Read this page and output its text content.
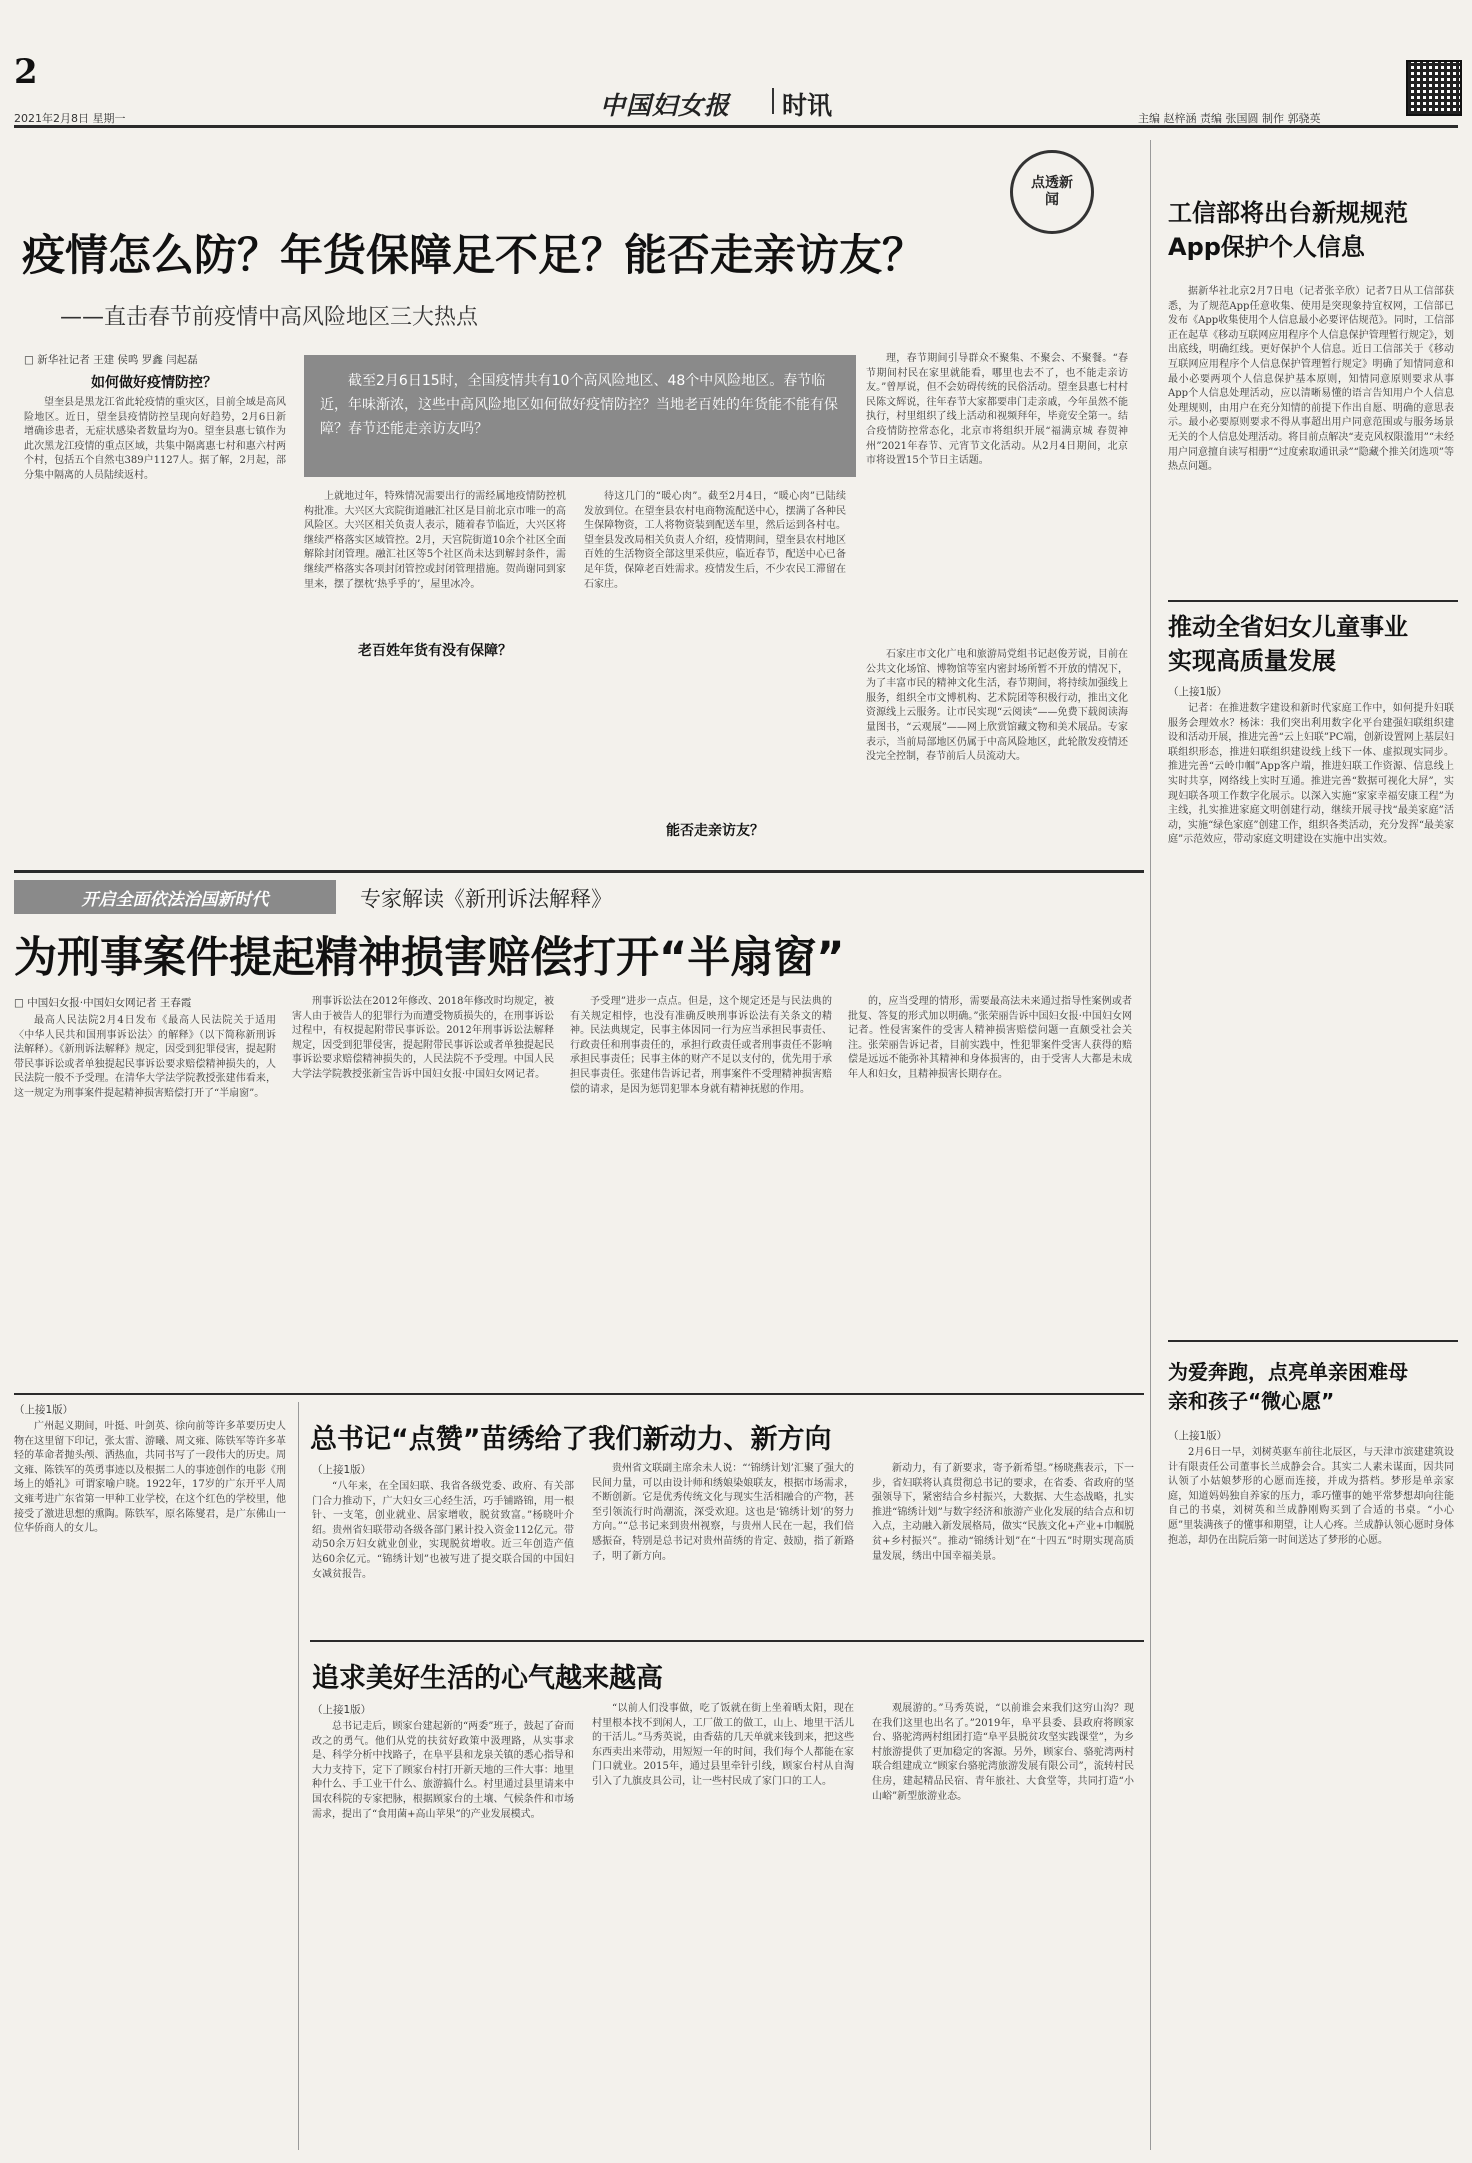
2
2021年2月8日 星期一	中国妇女报 时讯	主编 赵梓涵 责编 张国圆 制作 郭骁英
点透新闻
疫情怎么防？年货保障足不足？能否走亲访友？
——直击春节前疫情中高风险地区三大热点
□ 新华社记者 王建 侯鸣 罗鑫 闫起磊
如何做好疫情防控？

望奎县是黑龙江省此轮疫情的重灾区，目前全域是高风险地区。近日，望奎县疫情防控呈现向好趋势，2月6日新增确诊患者，无症状感染者数量均为0。望奎县惠七镇作为此次黑龙江疫情的重点区域，共集中隔离惠七村和惠六村两个村，包括五个自然屯389户1127人。据了解，2月起，部分集中隔离的人员陆续返村。

截至2月6日15时，全国疫情共有10个高风险地区、48个中风险地区。春节临近，年味渐浓，这些中高风险地区如何做好疫情防控？当地老百姓的年货能不能有保障？春节还能走亲访友吗？

上就地过年，特殊情况需要出行的需经属地疫情防控机构批准。大兴区大宾院街道融汇社区是目前北京市唯一的高风险区。大兴区相关负责人表示，随着春节临近，大兴区将继续严格落实区域管控。2月，天宫院街道10余个社区全面解除封闭管理。融汇社区等5个社区尚未达到解封条件，需继续严格落实各项封闭管控或封闭管理措施。贺尚谢同到家里来，摆了摆枕‘热乎乎的’，屋里冰冷。

老百姓年货有没有保障？

待这几门的“暖心肉”。截至2月4日，“暖心肉”已陆续发放到位。在望奎县农村电商物流配送中心，摆满了各种民生保障物资，工人将物资装到配送车里，然后运到各村屯。望奎县发改局相关负责人介绍，疫情期间，望奎县农村地区百姓的生活物资全部这里采供应，临近春节，配送中心已备足年货，保障老百姓需求。疫情发生后，不少农民工滞留在石家庄。

能否走亲访友？

理，春节期间引导群众不聚集、不聚会、不聚餐。“春节期间村民在家里就能看，哪里也去不了，也不能走亲访友。”曾厚说，但不会妨碍传统的民俗活动。望奎县惠七村村民陈文辉说，往年春节大家都要串门走亲戚，今年虽然不能执行，村里组织了线上活动和视频拜年，毕竟安全第一。结合疫情防控常态化，北京市将组织开展“福满京城 春贺神州”2021年春节、元宵节文化活动。从2月4日期间，北京市将设置15个节日主话题。

石家庄市文化广电和旅游局党组书记赵俊芳说，目前在公共文化场馆、博物馆等室内密封场所暂不开放的情况下，为了丰富市民的精神文化生活，春节期间，将持续加强线上服务，组织全市文博机构、艺术院团等积极行动，推出文化资源线上云服务。让市民实现“云阅读”——免费下载阅读海量图书，“云观展”——网上欣赏馆藏文物和美术展品。专家表示，当前局部地区仍属于中高风险地区，此轮散发疫情还没完全控制，春节前后人员流动大。

工信部将出台新规规范App保护个人信息

据新华社北京2月7日电（记者张辛欣）记者7日从工信部获悉，为了规范App任意收集、使用是突现象持宜权网，工信部已发布《App收集使用个人信息最小必要评估规范》。同时，工信部正在起草《移动互联网应用程序个人信息保护管理暂行规定》，划出底线，明确红线。更好保护个人信息。近日工信部关于《移动互联网应用程序个人信息保护管理暂行规定》明确了知情同意和最小必要两项个人信息保护基本原则，知情同意原则要求从事App个人信息处理活动，应以清晰易懂的语言告知用户个人信息处理规则，由用户在充分知情的前提下作出自愿、明确的意思表示。最小必要原则要求不得从事超出用户同意范围或与服务场景无关的个人信息处理活动。将目前点解决“麦克风权限滥用”“未经用户同意擅自读写相册”“过度索取通讯录”“隐藏个推关闭选项”等热点问题。

推动全省妇女儿童事业实现高质量发展
（上接1版）

记者：在推进数字建设和新时代家庭工作中，如何提升妇联服务会理效水？杨沫：我们突出利用数字化平台建强妇联组织建设和活动开展，推进完善“云上妇联”PC端，创新设置网上基层妇联组织形态，推进妇联组织建设线上线下一体、虚拟现实同步。推进完善“云岭巾帼”App客户端，推进妇联工作资源、信息线上实时共享，网络线上实时互通。推进完善“数据可视化大屏”，实现妇联各项工作数字化展示。以深入实施“家家幸福安康工程”为主线，扎实推进家庭文明创建行动，继续开展寻找“最美家庭”活动，实施“绿色家庭”创建工作，组织各类活动，充分发挥“最美家庭”示范效应，带动家庭文明建设在实施中出实效。

开启全面依法治国新时代	专家解读《新刑诉法解释》
为刑事案件提起精神损害赔偿打开“半扇窗”
□ 中国妇女报·中国妇女网记者 王春霞

最高人民法院2月4日发布《最高人民法院关于适用〈中华人民共和国刑事诉讼法〉的解释》（以下简称新刑诉法解释）。《新刑诉法解释》规定，因受到犯罪侵害，提起附带民事诉讼或者单独提起民事诉讼要求赔偿精神损失的，人民法院一般不予受理。在清华大学法学院教授张建伟看来，这一规定为刑事案件提起精神损害赔偿打开了“半扇窗”。

刑事诉讼法在2012年修改、2018年修改时均规定，被害人由于被告人的犯罪行为而遭受物质损失的，在刑事诉讼过程中，有权提起附带民事诉讼。2012年刑事诉讼法解释规定，因受到犯罪侵害，提起附带民事诉讼或者单独提起民事诉讼要求赔偿精神损失的，人民法院不予受理。中国人民大学法学院教授张新宝告诉中国妇女报·中国妇女网记者。

予受理”进步一点点。但是，这个规定还是与民法典的有关规定相悖，也没有准确反映刑事诉讼法有关条文的精神。民法典规定，民事主体因同一行为应当承担民事责任、行政责任和刑事责任的，承担行政责任或者刑事责任不影响承担民事责任；民事主体的财产不足以支付的，优先用于承担民事责任。张建伟告诉记者，刑事案件不受理精神损害赔偿的请求，是因为惩罚犯罪本身就有精神抚慰的作用。

的，应当受理的情形，需要最高法未来通过指导性案例或者批复、答复的形式加以明确。”张荣丽告诉中国妇女报·中国妇女网记者。性侵害案件的受害人精神损害赔偿问题一直颇受社会关注。张荣丽告诉记者，目前实践中，性犯罪案件受害人获得的赔偿是远远不能弥补其精神和身体损害的，由于受害人大都是未成年人和妇女，且精神损害长期存在。

（上接1版）

广州起义期间，叶挺、叶剑英、徐向前等许多革要历史人物在这里留下印记，张太雷、游曦、周文雍、陈铁军等许多革轻的革命者抛头颅、洒热血，共同书写了一段伟大的历史。周文雍、陈铁军的英勇事迹以及根据二人的事迹创作的电影《刑场上的婚礼》可谓家喻户晓。1922年，17岁的广东开平人周文雍考进广东省第一甲种工业学校，在这个红色的学校里，他接受了激进思想的熏陶。陈铁军，原名陈燮君，是广东佛山一位华侨商人的女儿。

总书记“点赞”苗绣给了我们新动力、新方向
（上接1版）

“八年来，在全国妇联、我省各级党委、政府、有关部门合力推动下，广大妇女三心经生活，巧手铺路锦，用一根针、一支笔，创业就业、居家增收，脱贫致富。”杨晓叶介绍。贵州省妇联带动各级各部门累计投入资金112亿元。带动50余万妇女就业创业，实现脱贫增收。近三年创造产值达60余亿元。“锦绣计划”也被写进了提交联合国的中国妇女减贫报告。

贵州省文联副主席余未人说：“‘锦绣计划’汇聚了强大的民间力量，可以由设计师和绣娘染娘联友，根据市场需求，不断创新。它是优秀传统文化与现实生活相融合的产物，甚至引领流行时尚潮流，深受欢迎。这也是‘锦绣计划’的努力方向。”“总书记来到贵州视察，与贵州人民在一起，我们倍感振奋，特别是总书记对贵州苗绣的肯定、鼓励，指了新路子，明了新方向。

新动力，有了新要求，寄予新希望。”杨晓燕表示，下一步，省妇联将认真贯彻总书记的要求，在省委、省政府的坚强领导下，紧密结合乡村振兴，大数据、大生态战略，扎实推进“锦绣计划”与数字经济和旅游产业化发展的结合点和切入点，主动融入新发展格局，做实“民族文化+产业+巾帼脱贫+乡村振兴”。推动“锦绣计划”在“十四五”时期实现高质量发展，绣出中国幸福美景。

追求美好生活的心气越来越高
（上接1版）

总书记走后，顾家台建起新的“两委”班子，鼓起了奋而改之的勇气。他们从党的扶贫好政策中汲理路，从实事求是、科学分析中找路子，在阜平县和龙泉关镇的悉心指导和大力支持下，定下了顾家台村打开新天地的三件大事：地里种什么、手工业干什么、旅游搞什么。村里通过县里请来中国农科院的专家把脉，根据顾家台的土壤、气候条件和市场需求，提出了“食用菌+高山苹果”的产业发展模式。

“以前人们没事做，吃了饭就在街上坐着晒太阳，现在村里根本找不到闲人，工厂做工的做工，山上、地里干活儿的干活儿。”马秀英说，由香菇的几天单就来钱到来，把这些东西卖出来带动，用短短一年的时间，我们每个人都能在家门口就业。2015年，通过县里牵针引线，顾家台村从自淘引入了九旗皮具公司，让一些村民成了家门口的工人。

观展游的。”马秀英说，“以前谁会来我们这穷山沟？现在我们这里也出名了。”2019年，阜平县委、县政府将顾家台、骆驼湾两村组团打造“阜平县脱贫攻坚实践课堂”，为乡村旅游提供了更加稳定的客源。另外，顾家台、骆驼湾两村联合组建成立“顾家台骆驼湾旅游发展有限公司”，流转村民住房，建起精品民宿、青年旅社、大食堂等，共同打造“小山峪”新型旅游业态。

为爱奔跑，点亮单亲困难母亲和孩子“微心愿”
（上接1版）

2月6日一早，刘树英驱车前往北辰区，与天津市滨建建筑设计有限责任公司董事长兰成静会合。其实二人素未谋面，因共同认领了小姑娘梦形的心愿而连接，并成为搭档。梦形是单亲家庭，知道妈妈独自养家的压力，乖巧懂事的她平常梦想却向往能自己的书桌，刘树英和兰成静刚购买到了合适的书桌。“小心愿”里装满孩子的懂事和期望，让人心疼。兰成静认领心愿时身体抱恙，却仍在出院后第一时间送达了梦形的心愿。
